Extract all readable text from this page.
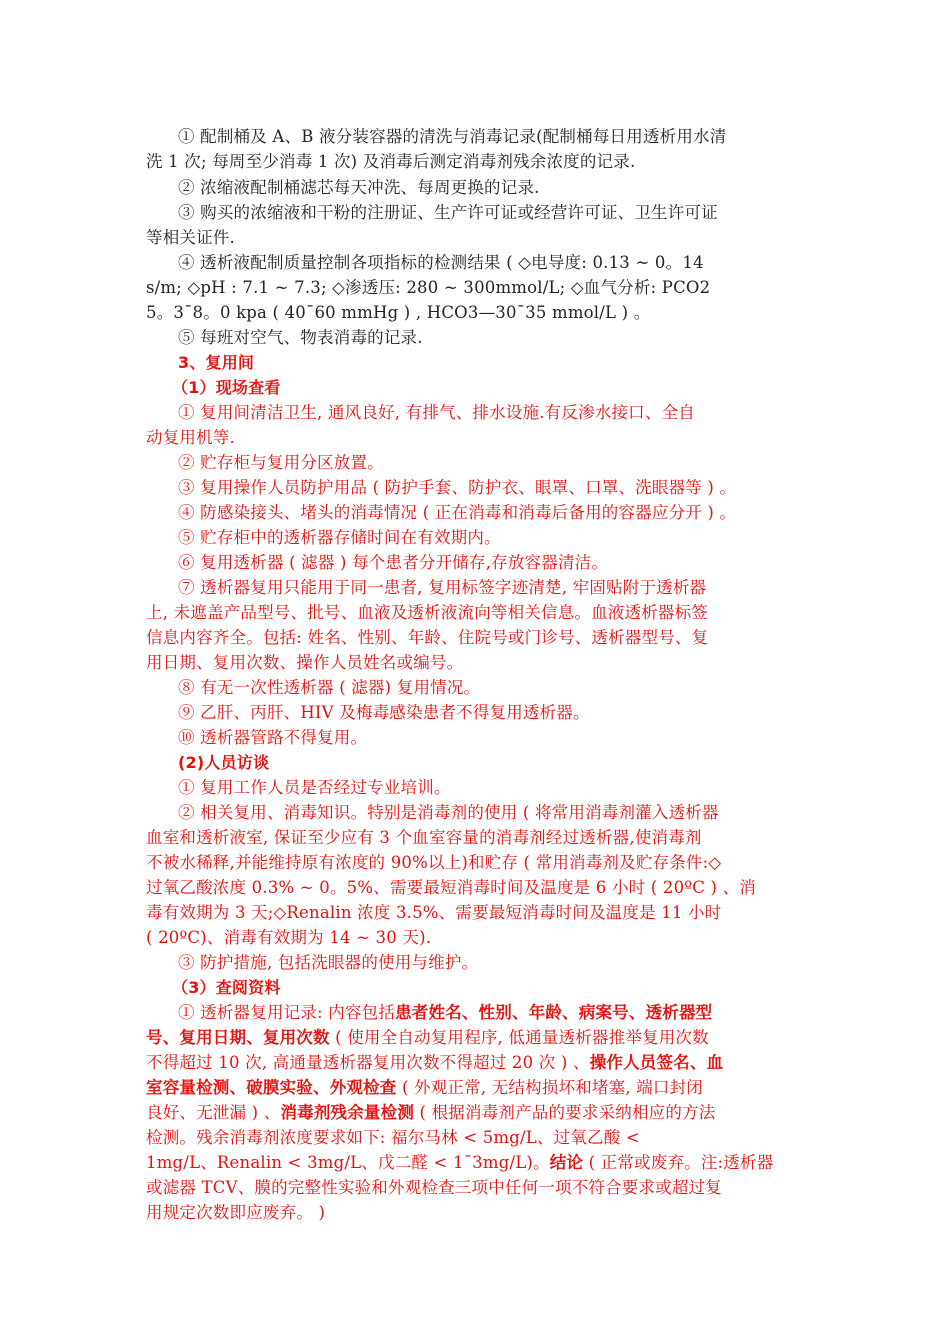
① 配制桶及 A、B 液分装容器的清洗与消毒记录(配制桶每日用透析用水清
洗 1 次; 每周至少消毒 1 次) 及消毒后测定消毒剂残余浓度的记录.
② 浓缩液配制桶滤芯每天冲洗、每周更换的记录.
③ 购买的浓缩液和干粉的注册证、生产许可证或经营许可证、卫生许可证
等相关证件.
④ 透析液配制质量控制各项指标的检测结果 ( ◇电导度: 0.13 ~ 0。14
s/m; ◇pH : 7.1 ~ 7.3; ◇渗透压: 280 ~ 300mmol/L; ◇血气分析: PCO2
5。3¯8。0 kpa ( 40¯60 mmHg ) , HCO3—30¯35 mmol/L ) 。
⑤ 每班对空气、物表消毒的记录.
3、复用间
（1）现场查看
① 复用间清洁卫生, 通风良好, 有排气、排水设施.有反渗水接口、全自
动复用机等.
② 贮存柜与复用分区放置。
③ 复用操作人员防护用品 ( 防护手套、防护衣、眼罩、口罩、洗眼器等 ) 。
④ 防感染接头、堵头的消毒情况 ( 正在消毒和消毒后备用的容器应分开 ) 。
⑤ 贮存柜中的透析器存储时间在有效期内。
⑥ 复用透析器 ( 滤器 ) 每个患者分开储存,存放容器清洁。
⑦ 透析器复用只能用于同一患者, 复用标签字迹清楚, 牢固贴附于透析器
上, 未遮盖产品型号、批号、血液及透析液流向等相关信息。血液透析器标签
信息内容齐全。包括: 姓名、性别、年龄、住院号或门诊号、透析器型号、复
用日期、复用次数、操作人员姓名或编号。
⑧ 有无一次性透析器 ( 滤器) 复用情况。
⑨ 乙肝、丙肝、HIV 及梅毒感染患者不得复用透析器。
⑩ 透析器管路不得复用。
(2)人员访谈
① 复用工作人员是否经过专业培训。
② 相关复用、消毒知识。特别是消毒剂的使用 ( 将常用消毒剂灌入透析器
血室和透析液室, 保证至少应有 3 个血室容量的消毒剂经过透析器,使消毒剂
不被水稀释,并能维持原有浓度的 90%以上)和贮存 ( 常用消毒剂及贮存条件:◇
过氧乙酸浓度 0.3% ~ 0。5%、需要最短消毒时间及温度是 6 小时 ( 20ºC ) 、消
毒有效期为 3 天;◇Renalin 浓度 3.5%、需要最短消毒时间及温度是 11 小时
( 20ºC)、消毒有效期为 14 ~ 30 天).
③ 防护措施, 包括洗眼器的使用与维护。
（3）查阅资料
① 透析器复用记录: 内容包括患者姓名、性别、年龄、病案号、透析器型
号、复用日期、复用次数 ( 使用全自动复用程序, 低通量透析器推举复用次数
不得超过 10 次, 高通量透析器复用次数不得超过 20 次 ) 、操作人员签名、血
室容量检测、破膜实验、外观检查 ( 外观正常, 无结构损坏和堵塞, 端口封闭
良好、无泄漏 ) 、消毒剂残余量检测 ( 根据消毒剂产品的要求采纳相应的方法
检测。残余消毒剂浓度要求如下: 福尔马林 < 5mg/L、过氧乙酸 <
1mg/L、Renalin < 3mg/L、戊二醛 < 1¯3mg/L)。结论 ( 正常或废弃。注:透析器
或滤器 TCV、膜的完整性实验和外观检查三项中任何一项不符合要求或超过复
用规定次数即应废弃。 )
